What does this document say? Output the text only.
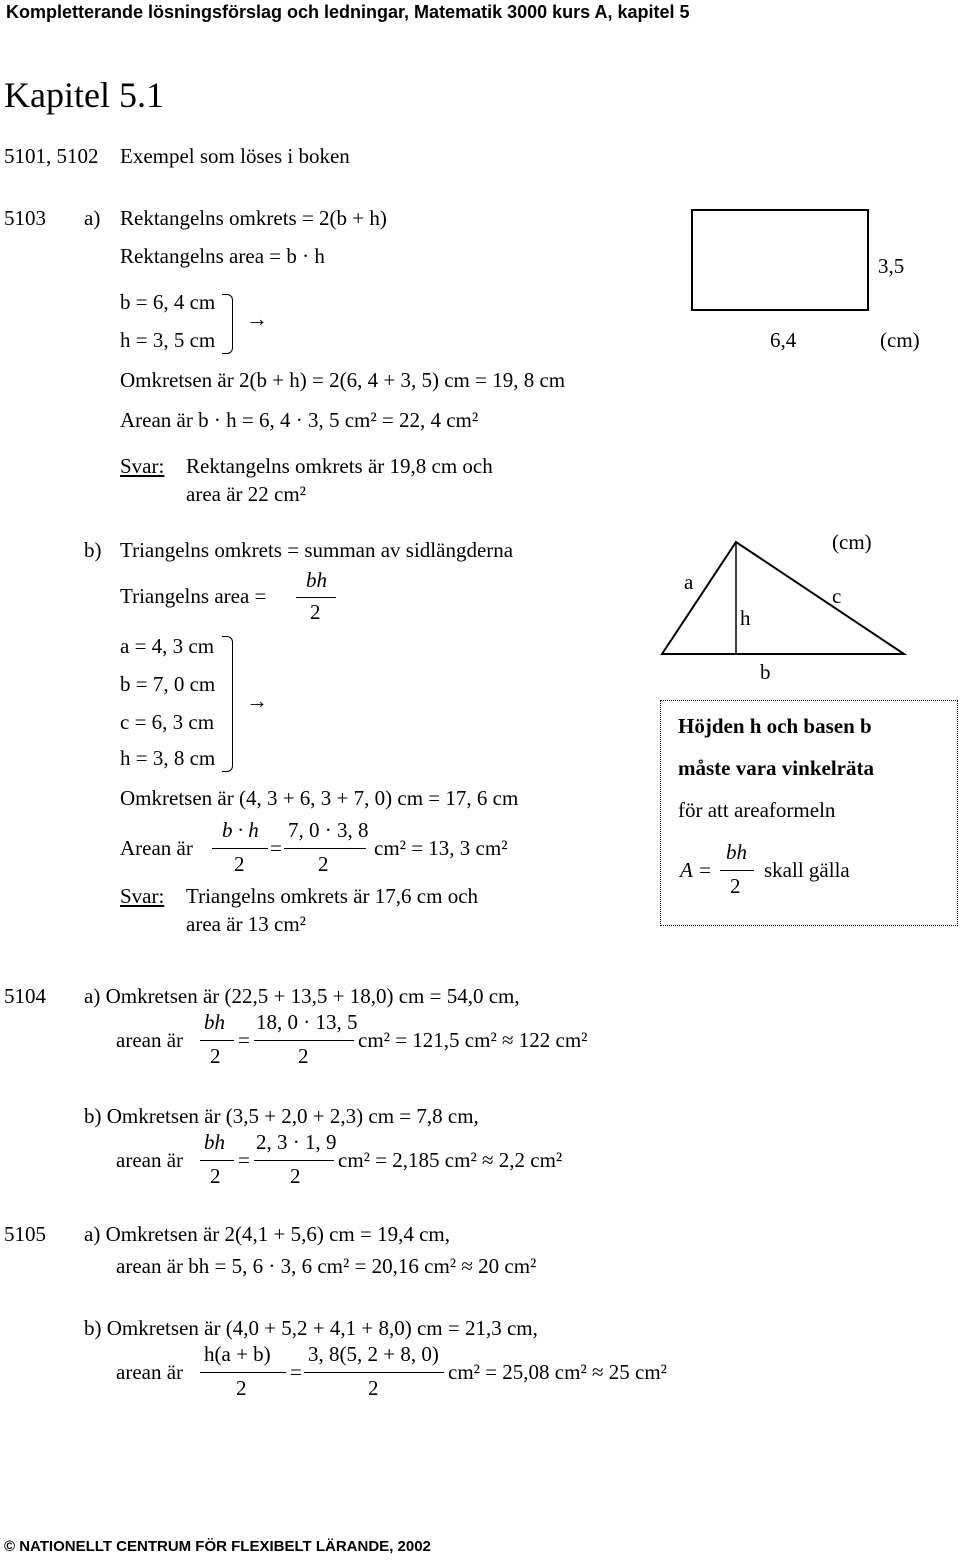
Kompletterande lösningsförslag och ledningar, Matematik 3000 kurs A, kapitel 5
Kapitel 5.1
5101, 5102 Exempel som löses i boken
5103 a) Rektangelns omkrets = 2(b + h)
Rektangelns area = b · h
b = 6, 4 cm
h = 3, 5 cm
→
Omkretsen är 2(b + h) = 2(6, 4 + 3, 5) cm = 19, 8 cm
Arean är b · h = 6, 4 · 3, 5 cm² = 22, 4 cm²
Svar: Rektangelns omkrets är 19,8 cm och
area är 22 cm²
3,5
6,4	(cm)
b) Triangelns omkrets = summan av sidlängderna
Triangelns area =
bh
2
a = 4, 3 cm
b = 7, 0 cm
c = 6, 3 cm
h = 3, 8 cm
→
Omkretsen är (4, 3 + 6, 3 + 7, 0) cm = 17, 6 cm
Arean är
b · h
2
=
7, 0 · 3, 8
2
cm² = 13, 3 cm²
Svar: Triangelns omkrets är 17,6 cm och
area är 13 cm²
a
h
b
c
(cm)
Höjden h och basen b
måste vara vinkelräta
för att areaformeln
A =
bh
2
skall gälla
5104 a) Omkretsen är (22,5 + 13,5 + 18,0) cm = 54,0 cm,
arean är
bh
2
=
18, 0 · 13, 5
2
cm² = 121,5 cm² ≈ 122 cm²
b) Omkretsen är (3,5 + 2,0 + 2,3) cm = 7,8 cm,
arean är
bh
2
=
2, 3 · 1, 9
2
cm² = 2,185 cm² ≈ 2,2 cm²
5105 a) Omkretsen är 2(4,1 + 5,6) cm = 19,4 cm,
arean är bh = 5, 6 · 3, 6 cm² = 20,16 cm² ≈ 20 cm²
b) Omkretsen är (4,0 + 5,2 + 4,1 + 8,0) cm = 21,3 cm,
arean är
h(a + b)
2
=
3, 8(5, 2 + 8, 0)
2
cm² = 25,08 cm² ≈ 25 cm²
© NATIONELLT CENTRUM FÖR FLEXIBELT LÄRANDE, 2002
